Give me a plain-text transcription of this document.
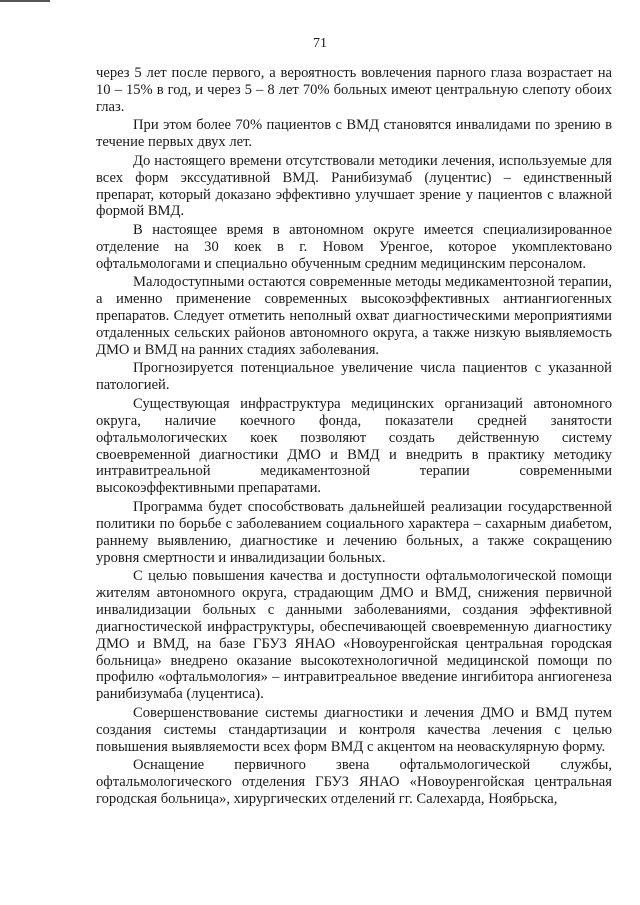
71

через 5 лет после первого, а вероятность вовлечения парного глаза возрастает на 10 – 15% в год, и через 5 – 8 лет 70% больных имеют центральную слепоту обоих глаз.

При этом более 70% пациентов с ВМД становятся инвалидами по зрению в течение первых двух лет.

До настоящего времени отсутствовали методики лечения, используемые для всех форм экссудативной ВМД. Ранибизумаб (луцентис) – единственный препарат, который доказано эффективно улучшает зрение у пациентов с влажной формой ВМД.

В настоящее время в автономном округе имеется специализированное отделение на 30 коек в г. Новом Уренгое, которое укомплектовано офтальмологами и специально обученным средним медицинским персоналом.

Малодоступными остаются современные методы медикаментозной терапии, а именно применение современных высокоэффективных антиангиогенных препаратов. Следует отметить неполный охват диагностическими мероприятиями отдаленных сельских районов автономного округа, а также низкую выявляемость ДМО и ВМД на ранних стадиях заболевания.

Прогнозируется потенциальное увеличение числа пациентов с указанной патологией.

Существующая инфраструктура медицинских организаций автономного округа, наличие коечного фонда, показатели средней занятости офтальмологических коек позволяют создать действенную систему своевременной диагностики ДМО и ВМД и внедрить в практику методику интравитреальной медикаментозной терапии современными высокоэффективными препаратами.

Программа будет способствовать дальнейшей реализации государственной политики по борьбе с заболеванием социального характера – сахарным диабетом, раннему выявлению, диагностике и лечению больных, а также сокращению уровня смертности и инвалидизации больных.

С целью повышения качества и доступности офтальмологической помощи жителям автономного округа, страдающим ДМО и ВМД, снижения первичной инвалидизации больных с данными заболеваниями, создания эффективной диагностической инфраструктуры, обеспечивающей своевременную диагностику ДМО и ВМД, на базе ГБУЗ ЯНАО «Новоуренгойская центральная городская больница» внедрено оказание высокотехнологичной медицинской помощи по профилю «офтальмология» – интравитреальное введение ингибитора ангиогенеза ранибизумаба (луцентиса).

Совершенствование системы диагностики и лечения ДМО и ВМД путем создания системы стандартизации и контроля качества лечения с целью повышения выявляемости всех форм ВМД с акцентом на неоваскулярную форму.

Оснащение первичного звена офтальмологической службы, офтальмологического отделения ГБУЗ ЯНАО «Новоуренгойская центральная городская больница», хирургических отделений гг. Салехарда, Ноябрьска,
